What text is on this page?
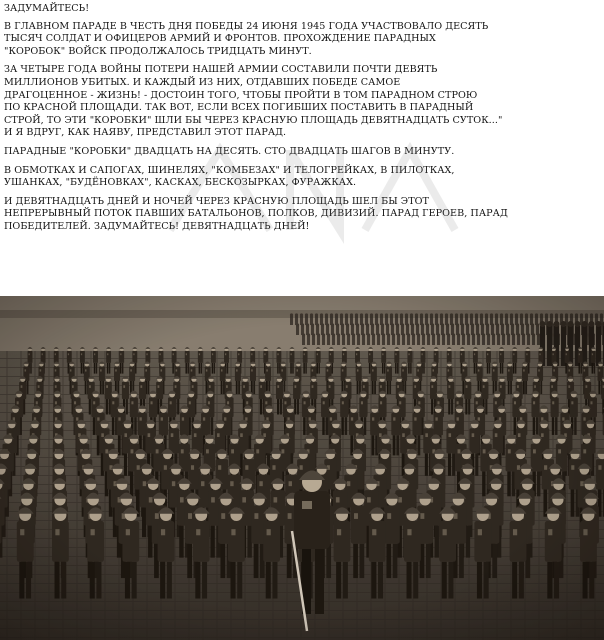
ЗАДУМАЙТЕСЬ!

В ГЛАВНОМ ПАРАДЕ В ЧЕСТЬ ДНЯ ПОБЕДЫ 24 ИЮНЯ 1945 ГОДА УЧАСТВОВАЛО ДЕСЯТЬ
ТЫСЯЧ СОЛДАТ И ОФИЦЕРОВ АРМИЙ И ФРОНТОВ. ПРОХОЖДЕНИЕ ПАРАДНЫХ
"КОРОБОК" ВОЙСК ПРОДОЛЖАЛОСЬ ТРИДЦАТЬ МИНУТ.

ЗА ЧЕТЫРЕ ГОДА ВОЙНЫ ПОТЕРИ НАШЕЙ АРМИИ СОСТАВИЛИ ПОЧТИ ДЕВЯТЬ
МИЛЛИОНОВ УБИТЫХ. И КАЖДЫЙ ИЗ НИХ, ОТДАВШИХ ПОБЕДЕ САМОЕ
ДРАГОЦЕННОЕ - ЖИЗНЬ! - ДОСТОИН ТОГО, ЧТОБЫ ПРОЙТИ В ТОМ ПАРАДНОМ СТРОЮ
ПО КРАСНОЙ ПЛОЩАДИ. ТАК ВОТ, ЕСЛИ ВСЕХ ПОГИБШИХ ПОСТАВИТЬ В ПАРАДНЫЙ
СТРОЙ, ТО ЭТИ "КОРОБКИ" ШЛИ БЫ ЧЕРЕЗ КРАСНУЮ ПЛОЩАДЬ ДЕВЯТНАДЦАТЬ СУТОК..."
И Я ВДРУГ, КАК НАЯВУ, ПРЕДСТАВИЛ ЭТОТ ПАРАД.

ПАРАДНЫЕ "КОРОБКИ" ДВАДЦАТЬ НА ДЕСЯТЬ. СТО ДВАДЦАТЬ ШАГОВ В МИНУТУ.

В ОБМОТКАХ И САПОГАХ, ШИНЕЛЯХ, "КОМБЕЗАХ" И ТЕЛОГРЕЙКАХ, В ПИЛОТКАХ,
УШАНКАХ, "БУДЁНОВКАХ", КАСКАХ, БЕСКОЗЫРКАХ, ФУРАЖКАХ.

И ДЕВЯТНАДЦАТЬ ДНЕЙ И НОЧЕЙ ЧЕРЕЗ КРАСНУЮ ПЛОЩАДЬ ШЕЛ БЫ ЭТОТ
НЕПРЕРЫВНЫЙ ПОТОК ПАВШИХ БАТАЛЬОНОВ, ПОЛКОВ, ДИВИЗИЙ. ПАРАД ГЕРОЕВ, ПАРАД
ПОБЕДИТЕЛЕЙ. ЗАДУМАЙТЕСЬ! ДЕВЯТНАДЦАТЬ ДНЕЙ!
